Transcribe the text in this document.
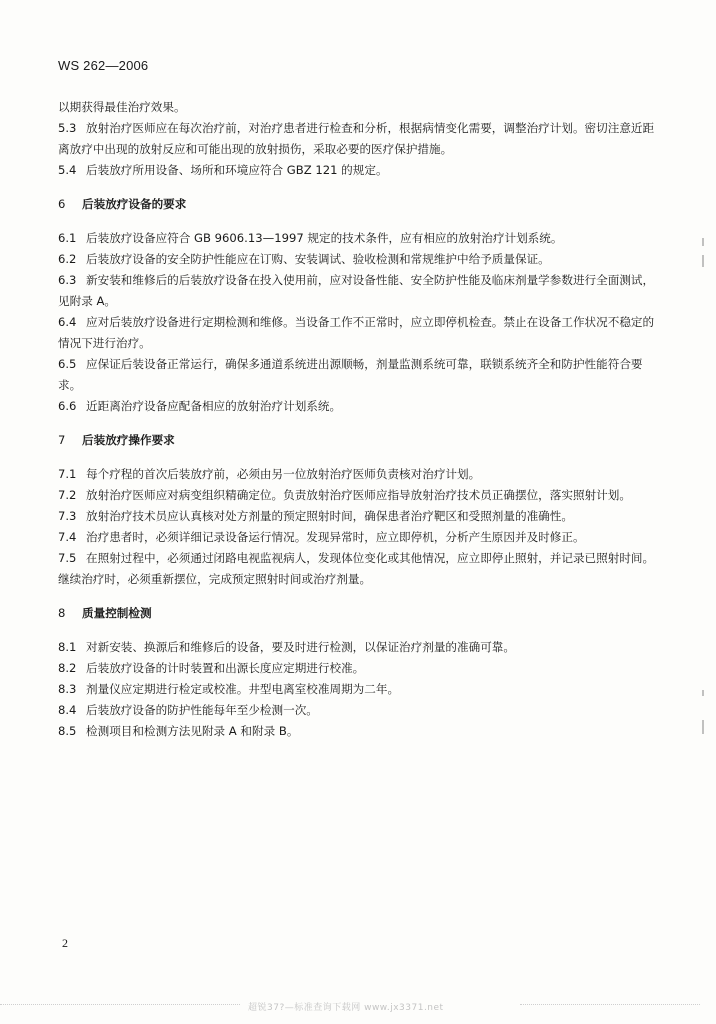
WS 262—2006
以期获得最佳治疗效果。
5.3 放射治疗医师应在每次治疗前，对治疗患者进行检查和分析，根据病情变化需要，调整治疗计划。密切注意近距离放疗中出现的放射反应和可能出现的放射损伤，采取必要的医疗保护措施。
5.4 后装放疗所用设备、场所和环境应符合 GBZ 121 的规定。
6 后装放疗设备的要求
6.1 后装放疗设备应符合 GB 9606.13—1997 规定的技术条件，应有相应的放射治疗计划系统。
6.2 后装放疗设备的安全防护性能应在订购、安装调试、验收检测和常规维护中给予质量保证。
6.3 新安装和维修后的后装放疗设备在投入使用前，应对设备性能、安全防护性能及临床剂量学参数进行全面测试，见附录 A。
6.4 应对后装放疗设备进行定期检测和维修。当设备工作不正常时，应立即停机检查。禁止在设备工作状况不稳定的情况下进行治疗。
6.5 应保证后装设备正常运行，确保多通道系统进出源顺畅，剂量监测系统可靠，联锁系统齐全和防护性能符合要求。
6.6 近距离治疗设备应配备相应的放射治疗计划系统。
7 后装放疗操作要求
7.1 每个疗程的首次后装放疗前，必须由另一位放射治疗医师负责核对治疗计划。
7.2 放射治疗医师应对病变组织精确定位。负责放射治疗医师应指导放射治疗技术员正确摆位，落实照射计划。
7.3 放射治疗技术员应认真核对处方剂量的预定照射时间，确保患者治疗靶区和受照剂量的准确性。
7.4 治疗患者时，必须详细记录设备运行情况。发现异常时，应立即停机，分析产生原因并及时修正。
7.5 在照射过程中，必须通过闭路电视监视病人，发现体位变化或其他情况，应立即停止照射，并记录已照射时间。继续治疗时，必须重新摆位，完成预定照射时间或治疗剂量。
8 质量控制检测
8.1 对新安装、换源后和维修后的设备，要及时进行检测，以保证治疗剂量的准确可靠。
8.2 后装放疗设备的计时装置和出源长度应定期进行校准。
8.3 剂量仪应定期进行检定或校准。井型电离室校准周期为二年。
8.4 后装放疗设备的防护性能每年至少检测一次。
8.5 检测项目和检测方法见附录 A 和附录 B。
2
超锐37?—标准查询下载网 www.jx3371.net
